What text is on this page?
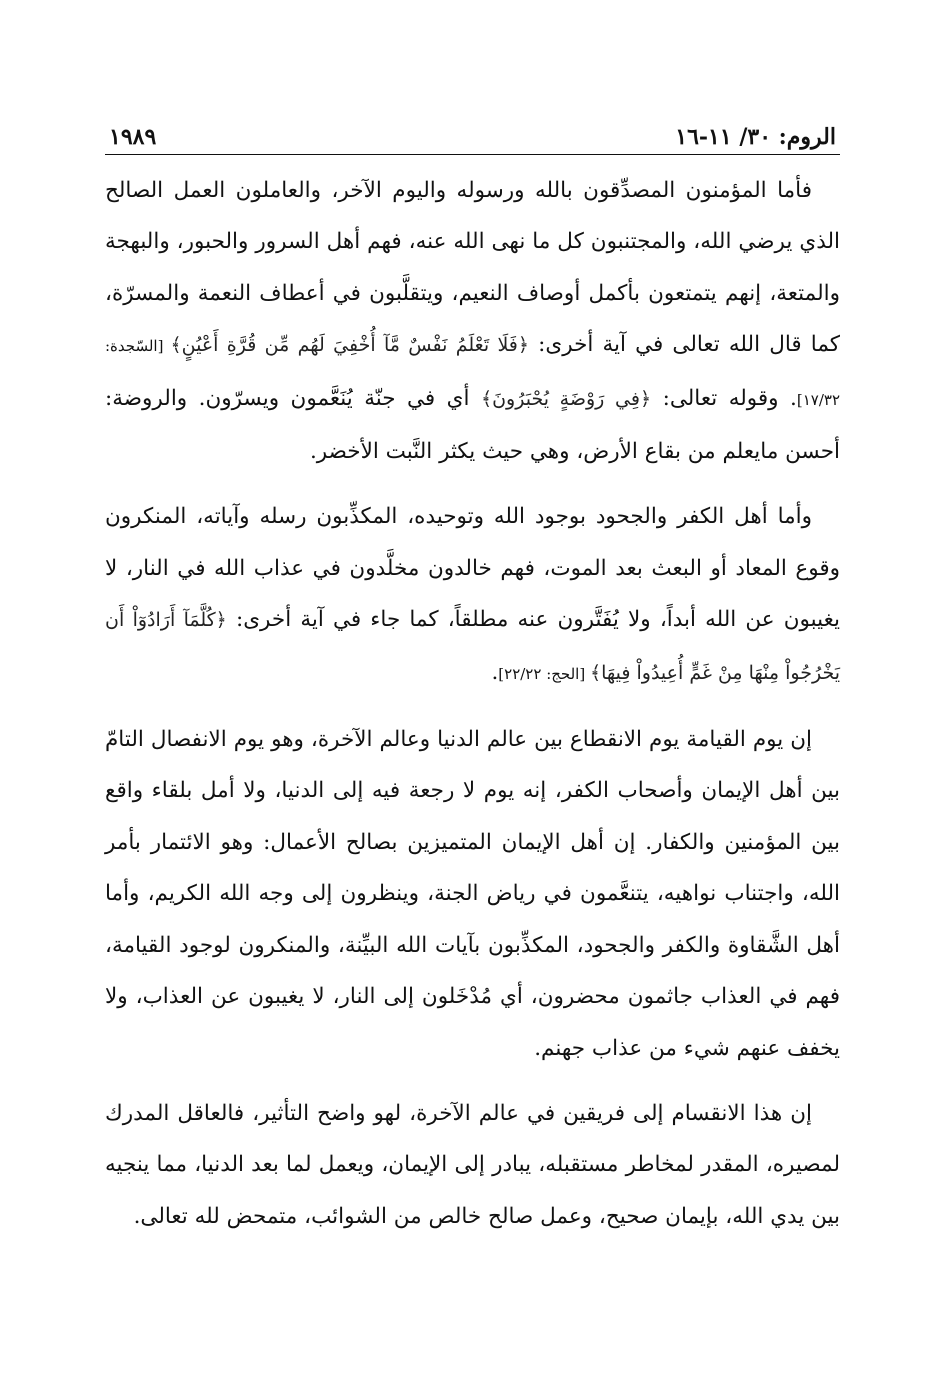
الروم: ٣٠/ ١١-١٦
١٩٨٩

فأما المؤمنون المصدِّقون بالله ورسوله واليوم الآخر، والعاملون العمل الصالح الذي يرضي الله، والمجتنبون كل ما نهى الله عنه، فهم أهل السرور والحبور، والبهجة والمتعة، إنهم يتمتعون بأكمل أوصاف النعيم، ويتقلَّبون في أعطاف النعمة والمسرّة، كما قال الله تعالى في آية أخرى: ﴿فَلَا تَعْلَمُ نَفْسٌ مَّآ أُخْفِيَ لَهُم مِّن قُرَّةِ أَعْيُنٍ﴾ [السّجدة: ١٧/٣٢]. وقوله تعالى: ﴿فِي رَوْضَةٍ يُحْبَرُونَ﴾ أي في جنّة يُنَعَّمون ويسرّون. والروضة: أحسن مايعلم من بقاع الأرض، وهي حيث يكثر النَّبت الأخضر.

وأما أهل الكفر والجحود بوجود الله وتوحيده، المكذِّبون رسله وآياته، المنكرون وقوع المعاد أو البعث بعد الموت، فهم خالدون مخلَّدون في عذاب الله في النار، لا يغيبون عن الله أبداً، ولا يُفَتَّرون عنه مطلقاً، كما جاء في آية أخرى: ﴿كُلَّمَآ أَرَادُوٓاْ أَن يَخْرُجُواْ مِنْهَا مِنْ غَمٍّ أُعِيدُواْ فِيهَا﴾ [الحج: ٢٢/٢٢].

إن يوم القيامة يوم الانقطاع بين عالم الدنيا وعالم الآخرة، وهو يوم الانفصال التامّ بين أهل الإيمان وأصحاب الكفر، إنه يوم لا رجعة فيه إلى الدنيا، ولا أمل بلقاء واقع بين المؤمنين والكفار. إن أهل الإيمان المتميزين بصالح الأعمال: وهو الائتمار بأمر الله، واجتناب نواهيه، يتنعَّمون في رياض الجنة، وينظرون إلى وجه الله الكريم، وأما أهل الشَّقاوة والكفر والجحود، المكذِّبون بآيات الله البيِّنة، والمنكرون لوجود القيامة، فهم في العذاب جاثمون محضرون، أي مُدْخَلون إلى النار، لا يغيبون عن العذاب، ولا يخفف عنهم شيء من عذاب جهنم.

إن هذا الانقسام إلى فريقين في عالم الآخرة، لهو واضح التأثير، فالعاقل المدرك لمصيره، المقدر لمخاطر مستقبله، يبادر إلى الإيمان، ويعمل لما بعد الدنيا، مما ينجيه بين يدي الله، بإيمان صحيح، وعمل صالح خالص من الشوائب، متمحض لله تعالى.
